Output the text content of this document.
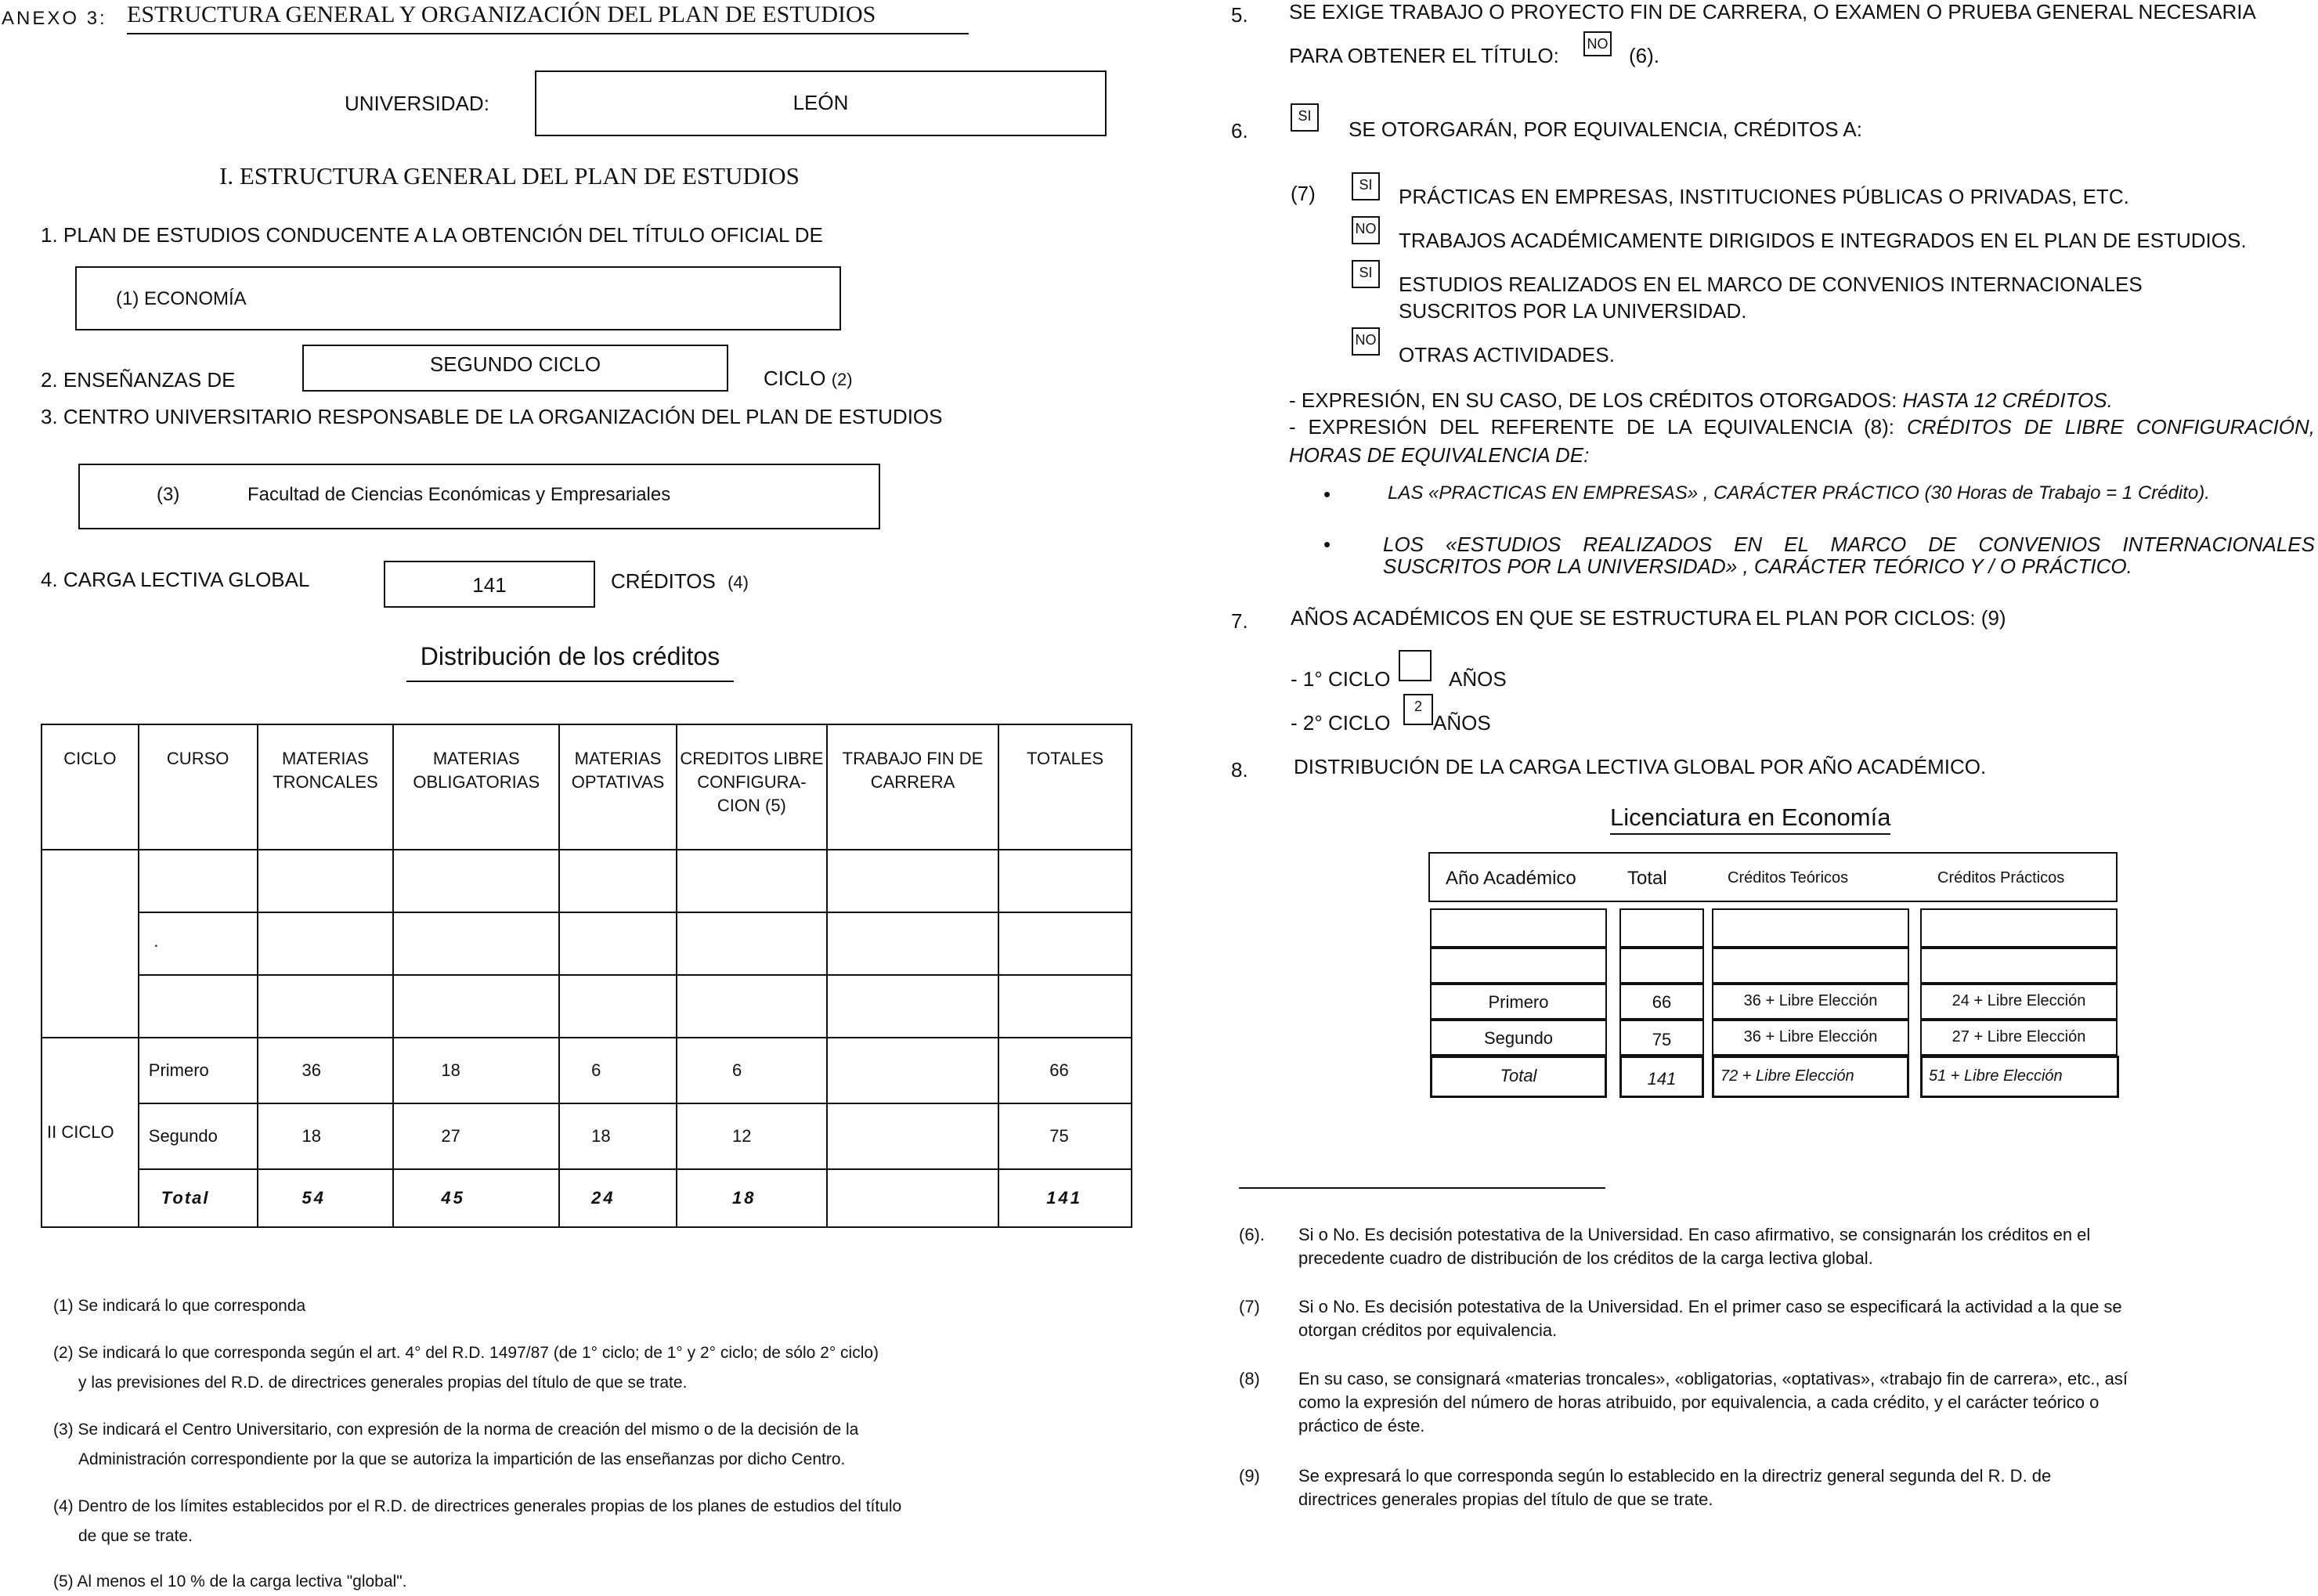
ANEXO 3: ESTRUCTURA GENERAL Y ORGANIZACIÓN DEL PLAN DE ESTUDIOS
UNIVERSIDAD:	LEÓN
I. ESTRUCTURA GENERAL DEL PLAN DE ESTUDIOS
1. PLAN DE ESTUDIOS CONDUCENTE A LA OBTENCIÓN DEL TÍTULO OFICIAL DE
(1) ECONOMÍA
2. ENSEÑANZAS DE
SEGUNDO CICLO
CICLO (2)
3. CENTRO UNIVERSITARIO RESPONSABLE DE LA ORGANIZACIÓN DEL PLAN DE ESTUDIOS
(3)	Facultad de Ciencias Económicas y Empresariales
4. CARGA LECTIVA GLOBAL	141	CRÉDITOS (4)
Distribución de los créditos
CICLO	CURSO	MATERIAS TRONCALES	MATERIAS OBLIGATORIAS	MATERIAS OPTATIVAS	CREDITOS LIBRE CONFIGURA- CION (5)	TRABAJO FIN DE CARRERA	TOTALES

	·						

II CICLO	Primero	36	18	6	6		66
	Segundo	18	27	18	12		75
	Total	54	45	24	18		141
(1) Se indicará lo que corresponda
(2) Se indicará lo que corresponda según el art. 4° del R.D. 1497/87 (de 1° ciclo; de 1° y 2° ciclo; de sólo 2° ciclo)
y las previsiones del R.D. de directrices generales propias del título de que se trate.
(3) Se indicará el Centro Universitario, con expresión de la norma de creación del mismo o de la decisión de la
Administración correspondiente por la que se autoriza la impartición de las enseñanzas por dicho Centro.
(4) Dentro de los límites establecidos por el R.D. de directrices generales propias de los planes de estudios del título
de que se trate.
(5) Al menos el 10 % de la carga lectiva "global".
5. SE EXIGE TRABAJO O PROYECTO FIN DE CARRERA, O EXAMEN O PRUEBA GENERAL NECESARIA
PARA OBTENER EL TÍTULO: NO (6).
6.
SI
SE OTORGARÁN, POR EQUIVALENCIA, CRÉDITOS A:
(7)	SI	PRÁCTICAS EN EMPRESAS, INSTITUCIONES PÚBLICAS O PRIVADAS, ETC.
NO TRABAJOS ACADÉMICAMENTE DIRIGIDOS E INTEGRADOS EN EL PLAN DE ESTUDIOS.
SI	ESTUDIOS REALIZADOS EN EL MARCO DE CONVENIOS INTERNACIONALES
SUSCRITOS POR LA UNIVERSIDAD.
NO
OTRAS ACTIVIDADES.
- EXPRESIÓN, EN SU CASO, DE LOS CRÉDITOS OTORGADOS: HASTA 12 CRÉDITOS.
- EXPRESIÓN DEL REFERENTE DE LA EQUIVALENCIA (8): CRÉDITOS DE LIBRE CONFIGURACIÓN,
HORAS DE EQUIVALENCIA DE:
•	LAS «PRACTICAS EN EMPRESAS» , CARÁCTER PRÁCTICO (30 Horas de Trabajo = 1 Crédito).
•	LOS «ESTUDIOS REALIZADOS EN EL MARCO DE CONVENIOS INTERNACIONALES
SUSCRITOS POR LA UNIVERSIDAD» , CARÁCTER TEÓRICO Y / O PRÁCTICO.
7. AÑOS ACADÉMICOS EN QUE SE ESTRUCTURA EL PLAN POR CICLOS: (9)
- 1° CICLO	AÑOS
- 2° CICLO
2
AÑOS
8. DISTRIBUCIÓN DE LA CARGA LECTIVA GLOBAL POR AÑO ACADÉMICO.
Licenciatura en Economía
Año Académico	Total	Créditos Teóricos	Créditos Prácticos
Primero	66	36 + Libre Elección	24 + Libre Elección
Segundo	75	36 + Libre Elección	27 + Libre Elección
Total	141	72 + Libre Elección	51 + Libre Elección
(6). Si o No. Es decisión potestativa de la Universidad. En caso afirmativo, se consignarán los créditos en el
precedente cuadro de distribución de los créditos de la carga lectiva global.
(7) Si o No. Es decisión potestativa de la Universidad. En el primer caso se especificará la actividad a la que se
otorgan créditos por equivalencia.
(8) En su caso, se consignará «materias troncales», «obligatorias, «optativas», «trabajo fin de carrera», etc., así
como la expresión del número de horas atribuido, por equivalencia, a cada crédito, y el carácter teórico o
práctico de éste.
(9) Se expresará lo que corresponda según lo establecido en la directriz general segunda del R. D. de
directrices generales propias del título de que se trate.
